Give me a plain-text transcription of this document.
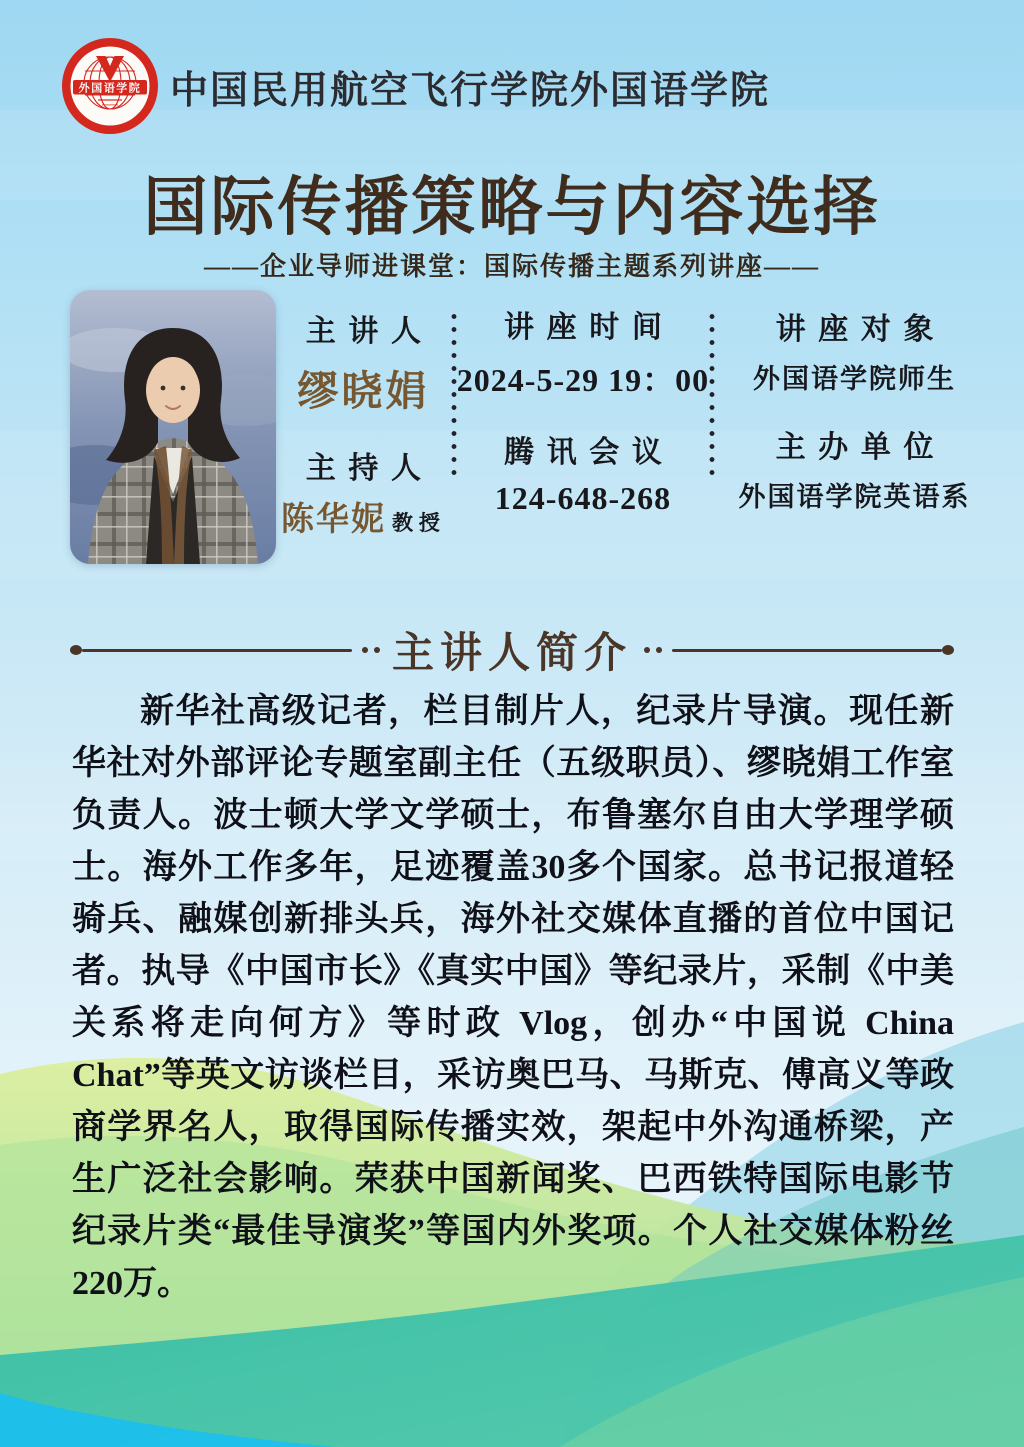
外国语学院 中国民用航空飞行学院外国语学院
国际传播策略与内容选择
——企业导师进课堂：国际传播主题系列讲座——
主讲人
缪晓娟
主持人
陈华妮 教授
讲座时间
2024-5-29 19：00
腾讯会议
124-648-268
讲座对象
外国语学院师生
主办单位
外国语学院英语系
主讲人简介

新华社高级记者，栏目制片人，纪录片导演。现任新华社对外部评论专题室副主任（五级职员）、缪晓娟工作室负责人。波士顿大学文学硕士，布鲁塞尔自由大学理学硕士。海外工作多年，足迹覆盖30多个国家。总书记报道轻骑兵、融媒创新排头兵，海外社交媒体直播的首位中国记者。执导《中国市长》《真实中国》等纪录片，采制《中美关系将走向何方》等时政 Vlog，创办“中国说 China Chat”等英文访谈栏目，采访奥巴马、马斯克、傅高义等政商学界名人，取得国际传播实效，架起中外沟通桥梁，产生广泛社会影响。荣获中国新闻奖、巴西铁特国际电影节纪录片类“最佳导演奖”等国内外奖项。个人社交媒体粉丝220万。
